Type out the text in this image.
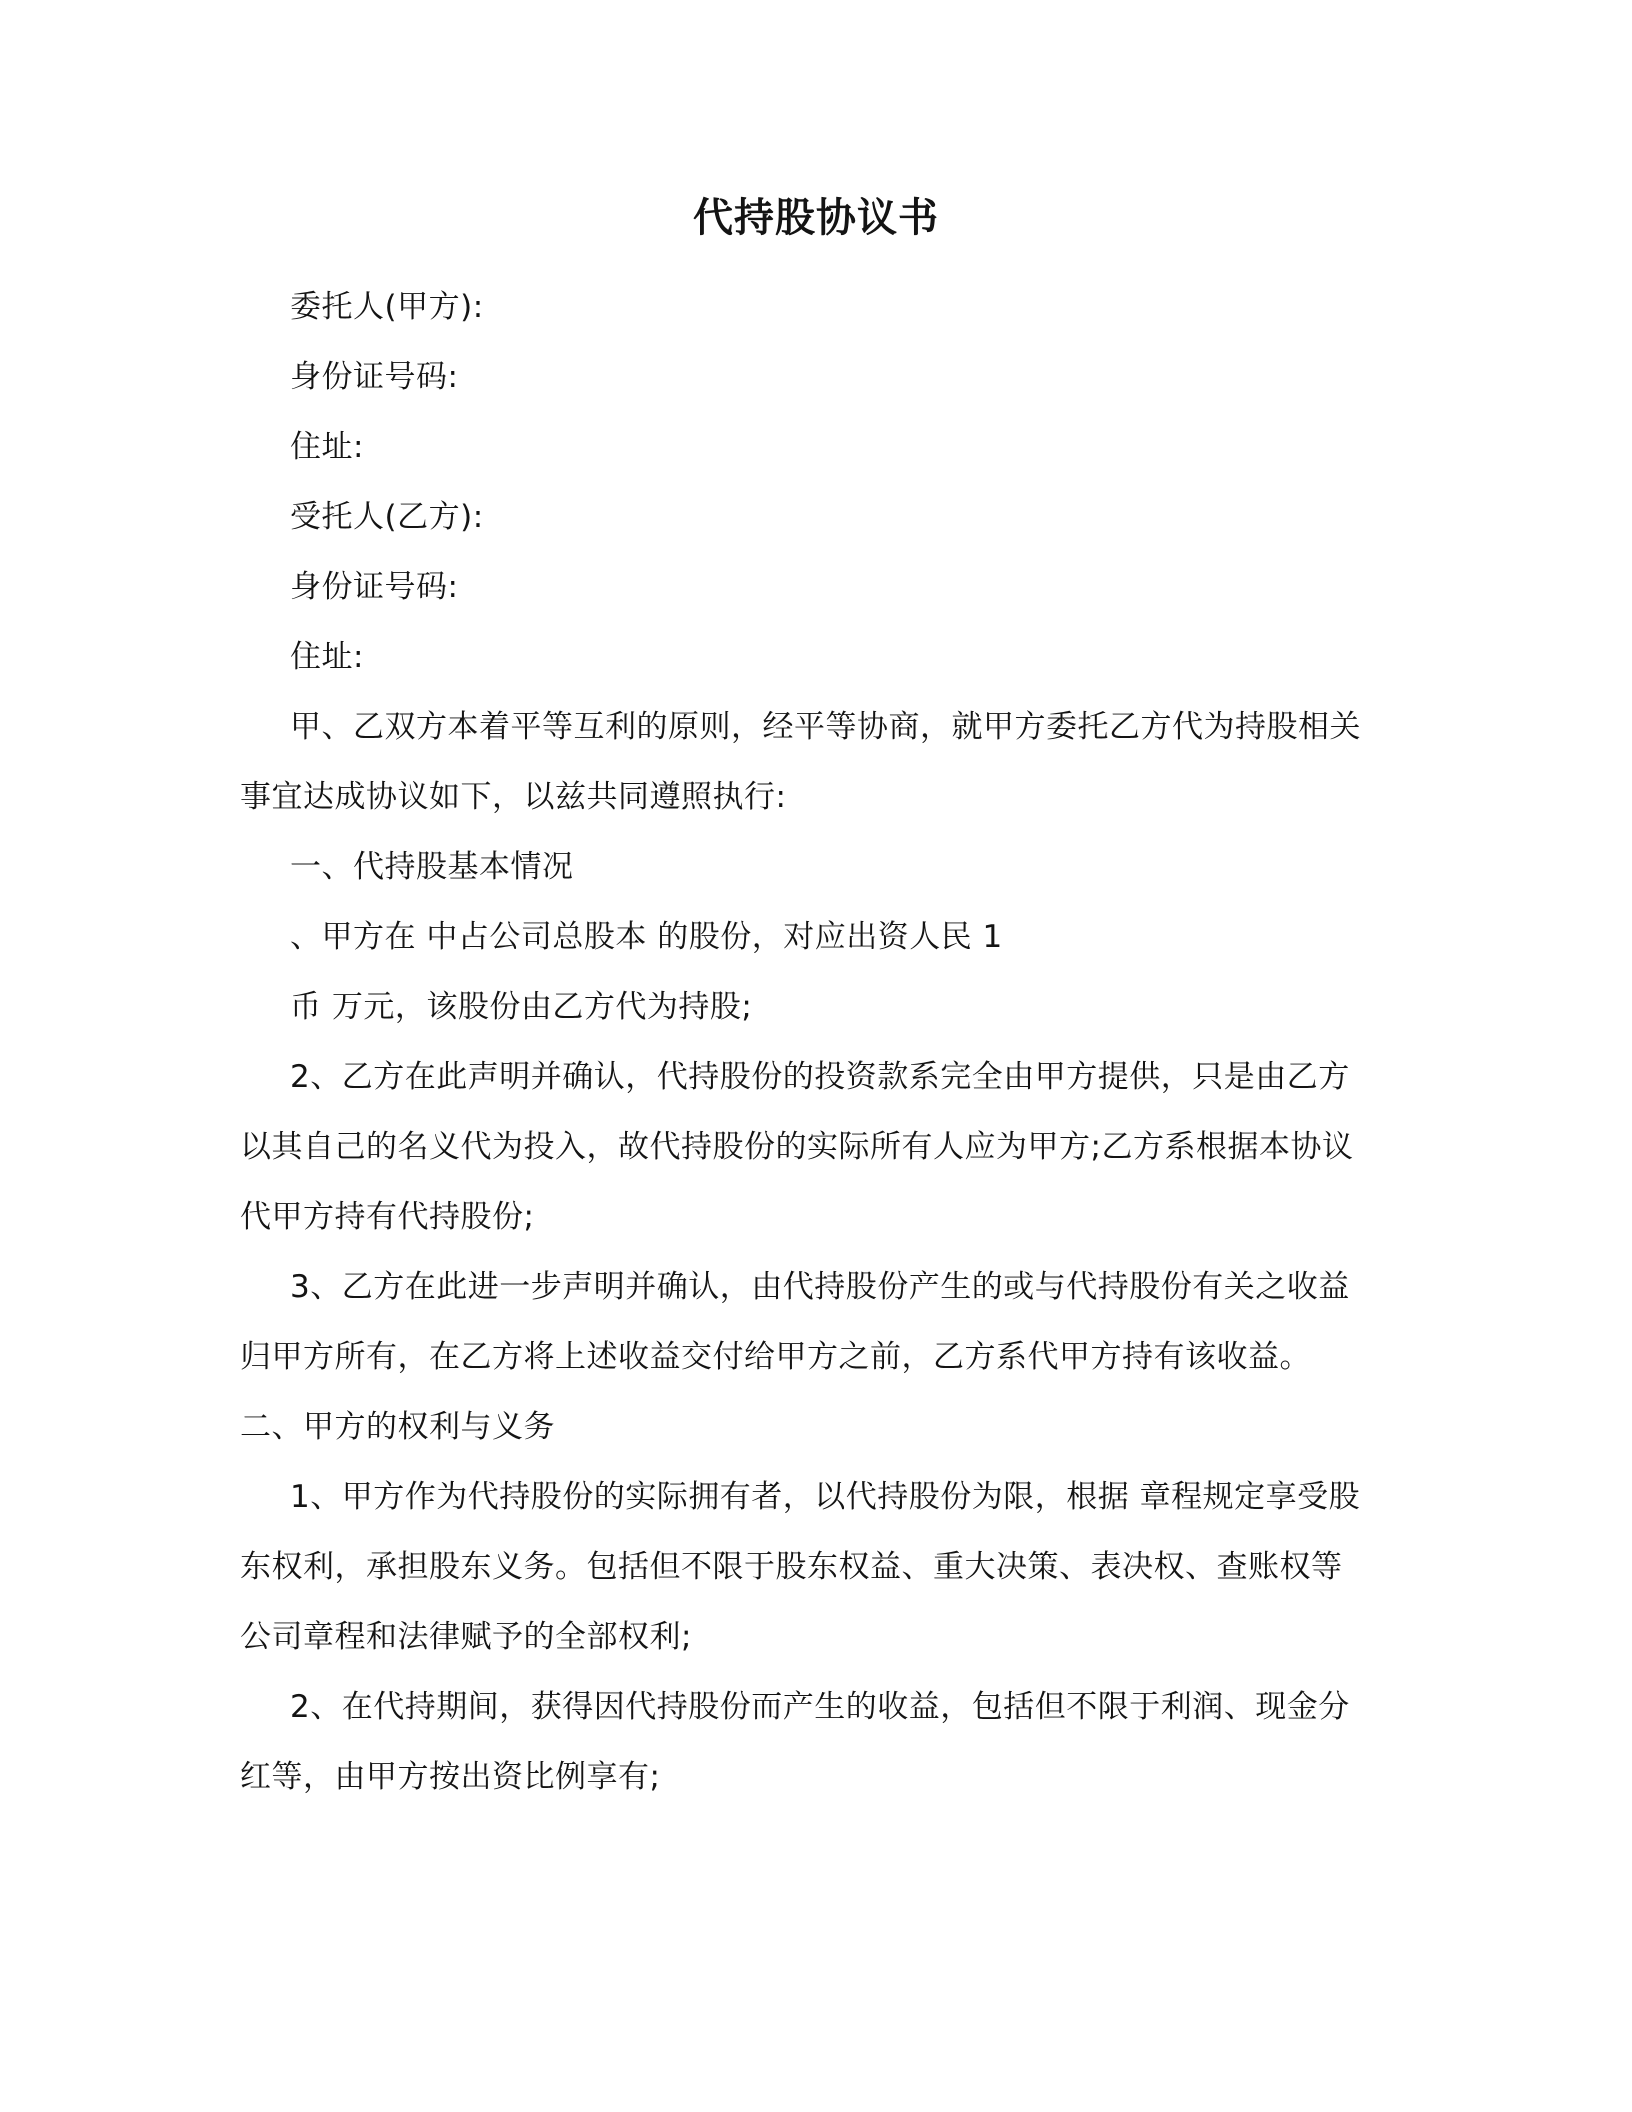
代持股协议书
委托人(甲方):
身份证号码:
住址:
受托人(乙方):
身份证号码:
住址:
甲、乙双方本着平等互利的原则，经平等协商，就甲方委托乙方代为持股相关
事宜达成协议如下，以兹共同遵照执行:
一、代持股基本情况
、甲方在 中占公司总股本 的股份，对应出资人民 1
币 万元，该股份由乙方代为持股;
2、乙方在此声明并确认，代持股份的投资款系完全由甲方提供，只是由乙方
以其自己的名义代为投入，故代持股份的实际所有人应为甲方;乙方系根据本协议
代甲方持有代持股份;
3、乙方在此进一步声明并确认，由代持股份产生的或与代持股份有关之收益
归甲方所有，在乙方将上述收益交付给甲方之前，乙方系代甲方持有该收益。
二、甲方的权利与义务
1、甲方作为代持股份的实际拥有者，以代持股份为限，根据 章程规定享受股
东权利，承担股东义务。包括但不限于股东权益、重大决策、表决权、查账权等
公司章程和法律赋予的全部权利;
2、在代持期间，获得因代持股份而产生的收益，包括但不限于利润、现金分
红等，由甲方按出资比例享有;
